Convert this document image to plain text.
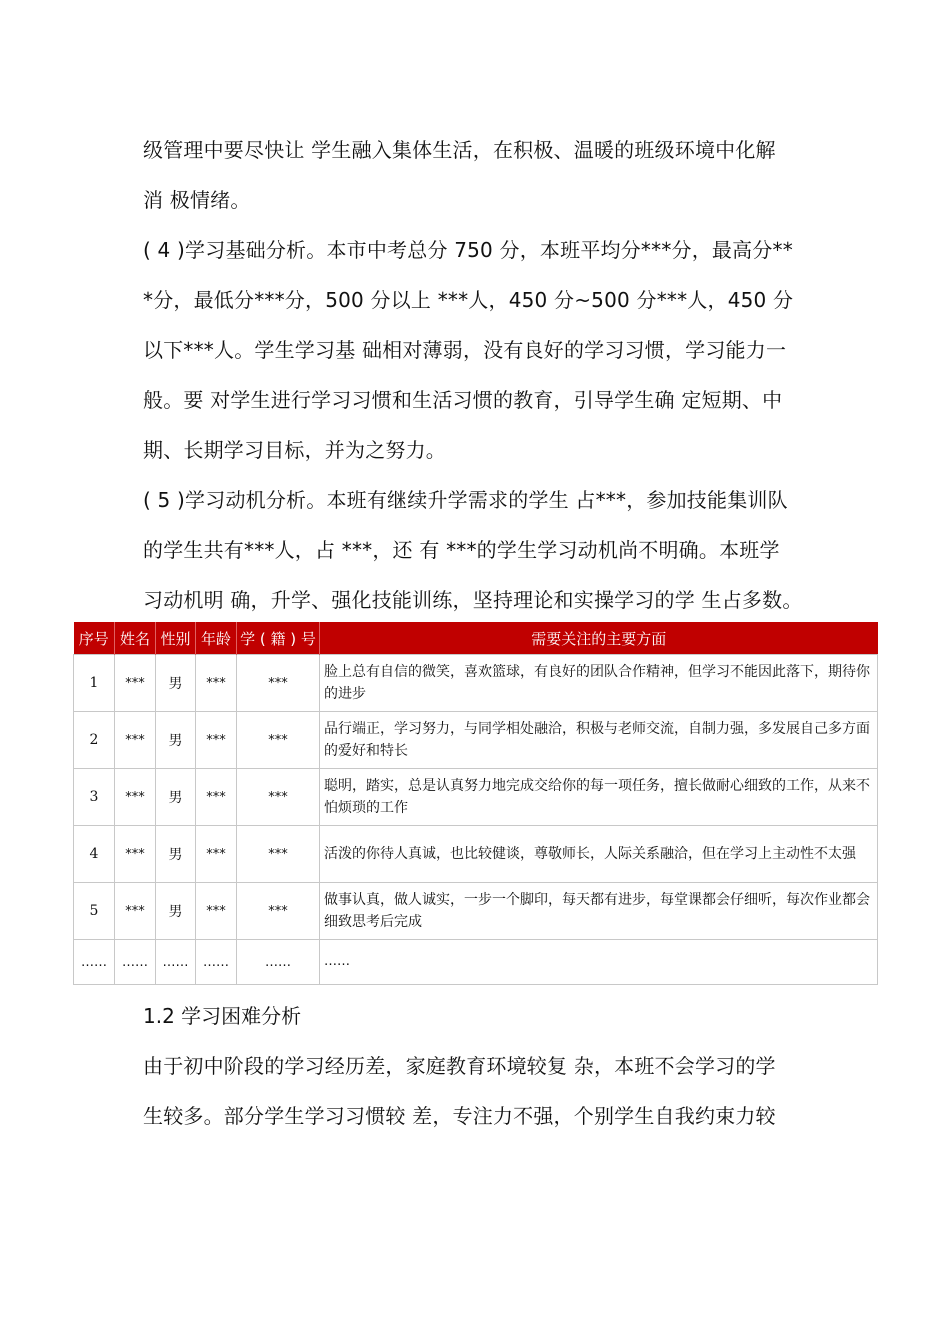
级管理中要尽快让 学生融入集体生活，在积极、温暖的班级环境中化解
消 极情绪。
( 4 )学习基础分析。本市中考总分 750 分，本班平均分***分，最高分**
*分，最低分***分，500 分以上 ***人，450 分~500 分***人，450 分
以下***人。学生学习基 础相对薄弱，没有良好的学习习惯，学习能力一
般。要 对学生进行学习习惯和生活习惯的教育，引导学生确 定短期、中
期、长期学习目标，并为之努力。
( 5 )学习动机分析。本班有继续升学需求的学生 占***，参加技能集训队
的学生共有***人，占 ***，还 有 ***的学生学习动机尚不明确。本班学
习动机明 确，升学、强化技能训练，坚持理论和实操学习的学 生占多数。
序号	姓名	性别	年龄	学 ( 籍 ) 号	需要关注的主要方面
1	***	男	***	***	脸上总有自信的微笑，喜欢篮球，有良好的团队合作精神，但学习不能因此落下，期待你的进步
2	***	男	***	***	品行端正，学习努力，与同学相处融洽，积极与老师交流，自制力强，多发展自己多方面的爱好和特长
3	***	男	***	***	聪明，踏实，总是认真努力地完成交给你的每一项任务，擅长做耐心细致的工作，从来不怕烦琐的工作
4	***	男	***	***	活泼的你待人真诚，也比较健谈，尊敬师长，人际关系融洽，但在学习上主动性不太强
5	***	男	***	***	做事认真，做人诚实，一步一个脚印，每天都有进步，每堂课都会仔细听，每次作业都会细致思考后完成
……	……	……	……	……	……
1.2 学习困难分析
由于初中阶段的学习经历差，家庭教育环境较复 杂，本班不会学习的学
生较多。部分学生学习习惯较 差，专注力不强，个别学生自我约束力较
